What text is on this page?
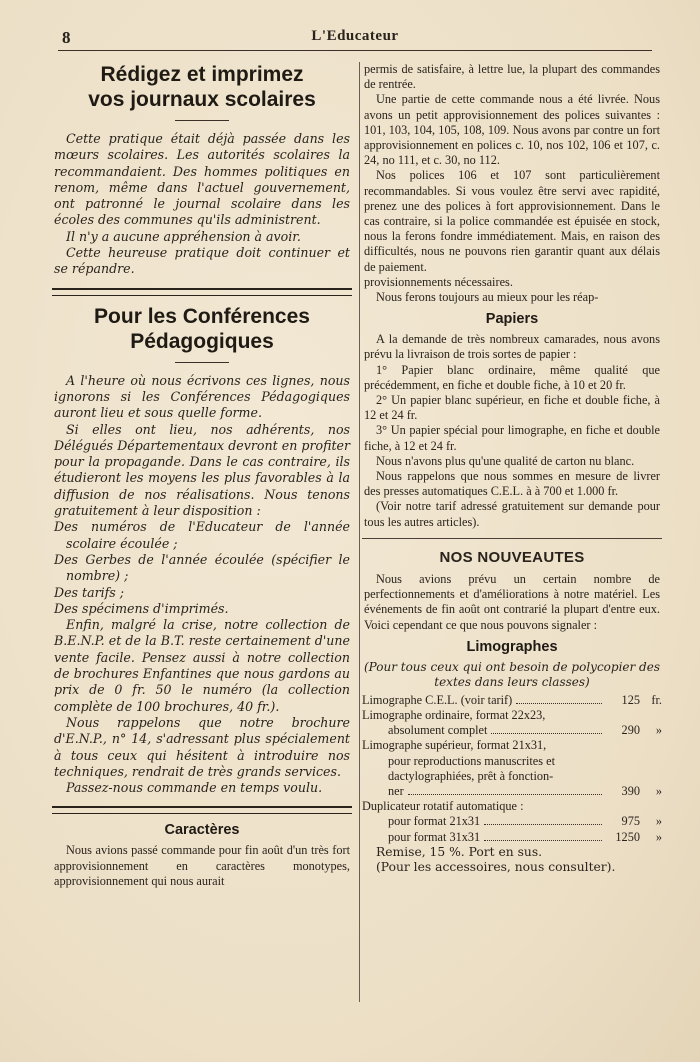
8	L'Educateur
Rédigez et imprimez
vos journaux scolaires

Cette pratique était déjà passée dans les mœurs scolaires. Les autorités scolaires la recommandaient. Des hommes politiques en renom, même dans l'actuel gouvernement, ont patronné le journal scolaire dans les écoles des communes qu'ils administrent.

Il n'y a aucune appréhension à avoir.

Cette heureuse pratique doit continuer et se répandre.

Pour les Conférences
Pédagogiques

A l'heure où nous écrivons ces lignes, nous ignorons si les Conférences Pédagogiques auront lieu et sous quelle forme.

Si elles ont lieu, nos adhérents, nos Délégués Départementaux devront en profiter pour la propagande. Dans le cas contraire, ils étudieront les moyens les plus favorables à la diffusion de nos réalisations. Nous tenons gratuitement à leur disposition :

Des numéros de l'Educateur de l'année scolaire écoulée ;

Des Gerbes de l'année écoulée (spécifier le nombre) ;

Des tarifs ;

Des spécimens d'imprimés.

Enfin, malgré la crise, notre collection de B.E.N.P. et de la B.T. reste certainement d'une vente facile. Pensez aussi à notre collection de brochures Enfantines que nous gardons au prix de 0 fr. 50 le numéro (la collection complète de 100 brochures, 40 fr.).

Nous rappelons que notre brochure d'E.N.P., n° 14, s'adressant plus spécialement à tous ceux qui hésitent à introduire nos techniques, rendrait de très grands services.

Passez-nous commande en temps voulu.

Caractères

Nous avions passé commande pour fin août d'un très fort approvisionnement en caractères monotypes, approvisionnement qui nous aurait

permis de satisfaire, à lettre lue, la plupart des commandes de rentrée.

Une partie de cette commande nous a été livrée. Nous avons un petit approvisionnement des polices suivantes : 101, 103, 104, 105, 108, 109. Nous avons par contre un fort approvisionnement en polices c. 10, nos 102, 106 et 107, c. 24, no 111, et c. 30, no 112.

Nos polices 106 et 107 sont particulièrement recommandables. Si vous voulez être servi avec rapidité, prenez une des polices à fort approvisionnement. Dans le cas contraire, si la police commandée est épuisée en stock, nous la ferons fondre immédiatement. Mais, en raison des difficultés, nous ne pouvons rien garantir quant aux délais de paiement.

provisionnements nécessaires.

Nous ferons toujours au mieux pour les réap-

Papiers

A la demande de très nombreux camarades, nous avons prévu la livraison de trois sortes de papier :

1° Papier blanc ordinaire, même qualité que précédemment, en fiche et double fiche, à 10 et 20 fr.

2° Un papier blanc supérieur, en fiche et double fiche, à 12 et 24 fr.

3° Un papier spécial pour limographe, en fiche et double fiche, à 12 et 24 fr.

Nous n'avons plus qu'une qualité de carton nu blanc.

Nous rappelons que nous sommes en mesure de livrer des presses automatiques C.E.L. à à 700 et 1.000 fr.

(Voir notre tarif adressé gratuitement sur demande pour tous les autres articles).

NOS NOUVEAUTES

Nous avions prévu un certain nombre de perfectionnements et d'améliorations à notre matériel. Les événements de fin août ont contrarié la plupart d'entre eux. Voici cependant ce que nous pouvons signaler :

Limographes
(Pour tous ceux qui ont besoin de polycopier des textes dans leurs classes)
Limographe C.E.L. (voir tarif)	125 fr.
Limographe ordinaire, format 22x23,
absolument complet	290	»
Limographe supérieur, format 21x31,
pour reproductions manuscrites et
dactylographiées, prêt à fonction-
ner	390	»
Duplicateur rotatif automatique :
pour format 21x31	975	»
pour format 31x31	1250	»
Remise, 15 %. Port en sus.
(Pour les accessoires, nous consulter).
